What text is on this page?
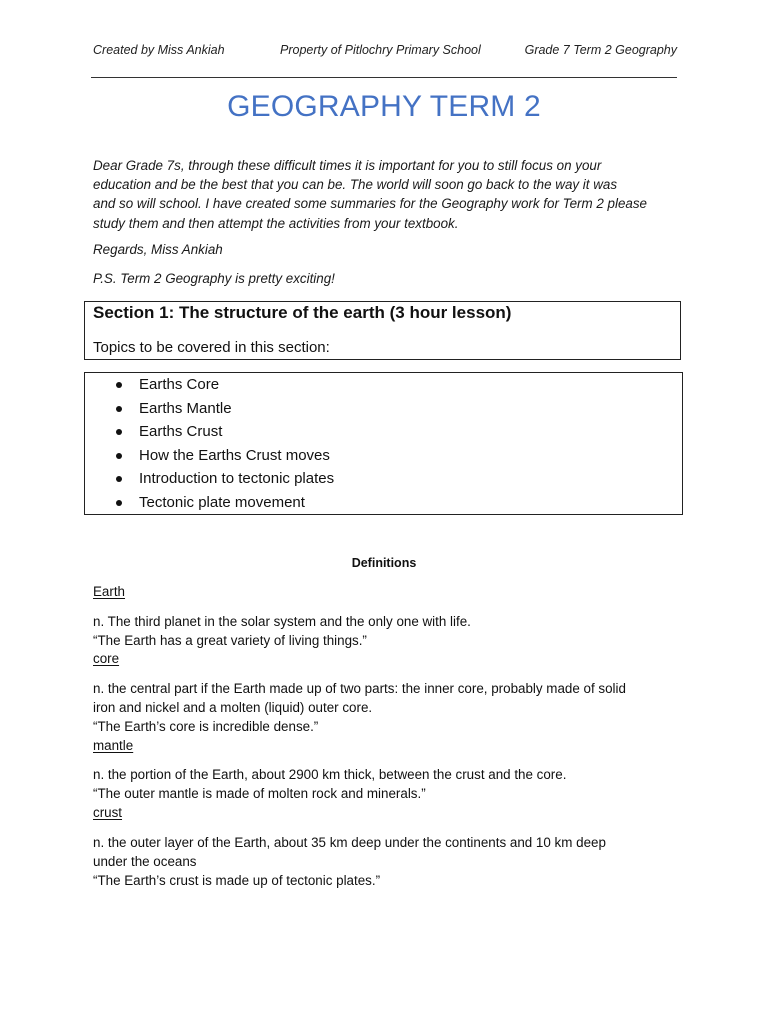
Created by Miss Ankiah	Property of Pitlochry Primary School	Grade 7 Term 2 Geography
GEOGRAPHY TERM 2

Dear Grade 7s, through these difficult times it is important for you to still focus on your

education and be the best that you can be. The world will soon go back to the way it was

and so will school. I have created some summaries for the Geography work for Term 2 please

study them and then attempt the activities from your textbook.

Regards, Miss Ankiah
P.S. Term 2 Geography is pretty exciting!
Section 1: The structure of the earth (3 hour lesson)
Topics to be covered in this section:
Earths Core
Earths Mantle
Earths Crust
How the Earths Crust moves
Introduction to tectonic plates
Tectonic plate movement
Definitions
Earth
n. The third planet in the solar system and the only one with life.
“The Earth has a great variety of living things.”
core
n. the central part if the Earth made up of two parts: the inner core, probably made of solid
iron and nickel and a molten (liquid) outer core.
“The Earth’s core is incredible dense.”
mantle
n. the portion of the Earth, about 2900 km thick, between the crust and the core.
“The outer mantle is made of molten rock and minerals.”
crust
n. the outer layer of the Earth, about 35 km deep under the continents and 10 km deep
under the oceans
“The Earth’s crust is made up of tectonic plates.”
